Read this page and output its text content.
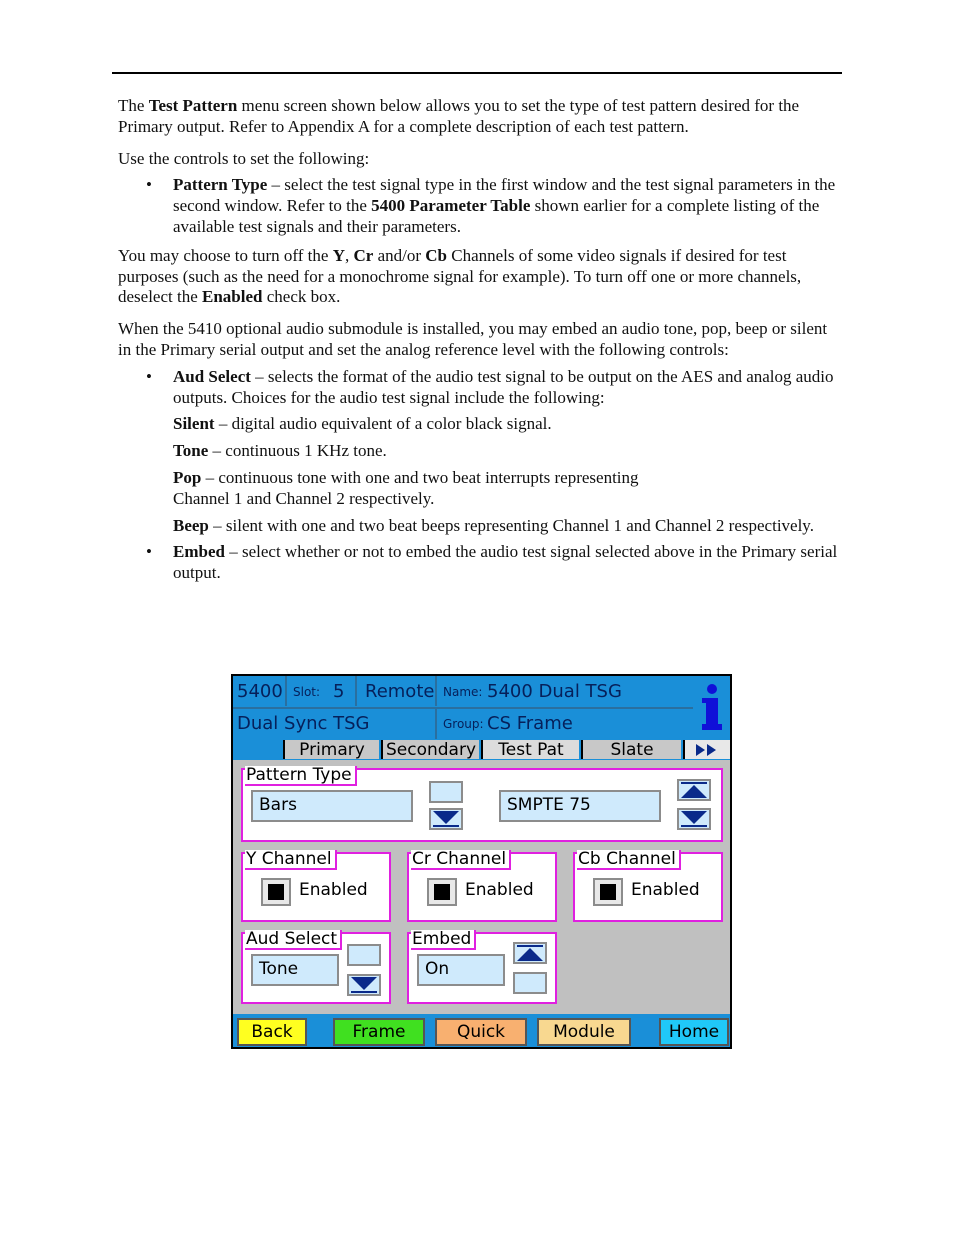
The Test Pattern menu screen shown below allows you to set the type of test pattern desired for the Primary output. Refer to Appendix A for a complete description of each test pattern.

Use the controls to set the following:

• Pattern Type – select the test signal type in the first window and the test signal parameters in the second window. Refer to the 5400 Parameter Table shown earlier for a complete listing of the available test signals and their parameters.

You may choose to turn off the Y, Cr and/or Cb Channels of some video signals if desired for test purposes (such as the need for a monochrome signal for example). To turn off one or more channels, deselect the Enabled check box.

When the 5410 optional audio submodule is installed, you may embed an audio tone, pop, beep or silent in the Primary serial output and set the analog reference level with the following controls:

• Aud Select – selects the format of the audio test signal to be output on the AES and analog audio outputs. Choices for the audio test signal include the following:
Silent – digital audio equivalent of a color black signal.
Tone – continuous 1 KHz tone.
Pop – continuous tone with one and two beat interrupts representing
Channel 1 and Channel 2 respectively.
Beep – silent with one and two beat beeps representing Channel 1 and Channel 2 respectively.
• Embed – select whether or not to embed the audio test signal selected above in the Primary serial output.
5400 Slot: 5 Remote Name: 5400 Dual TSG
Dual Sync TSG	Group: CS Frame
Primary	Secondary	Test Pat	Slate
Pattern Type
Bars	SMPTE 75
Y Channel
Enabled
Cr Channel
Enabled
Cb Channel
Enabled
Aud Select
Tone
Embed
On
Back	Frame	Quick	Module	Home
